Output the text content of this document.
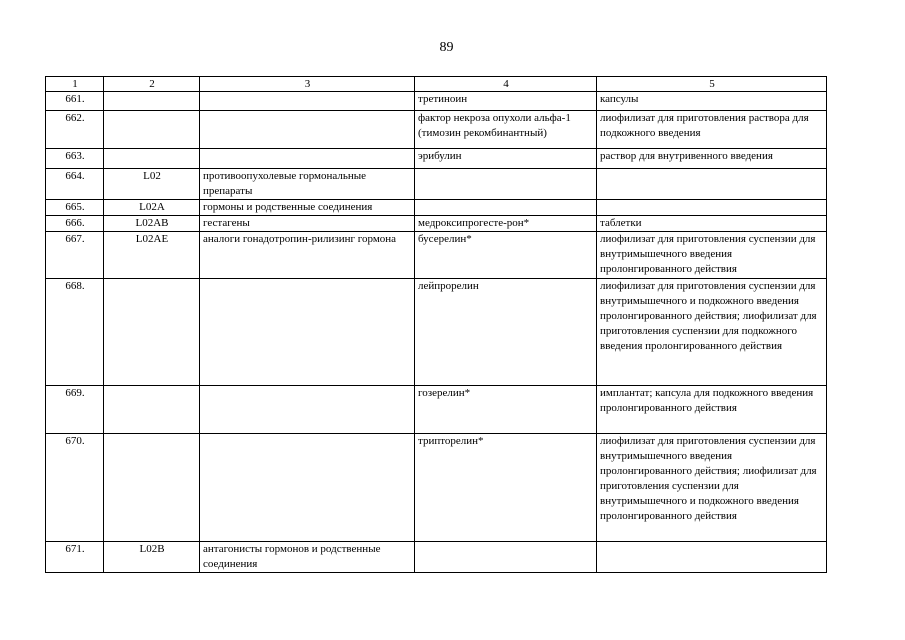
89
1	2	3	4	5
661.			третиноин	капсулы
662.			фактор некроза опухоли альфа-1 (тимозин рекомбинантный)	лиофилизат для приготовления раствора для подкожного введения
663.			эрибулин	раствор для внутривенного введения
664.	L02	противоопухолевые гормональные препараты		
665.	L02A	гормоны и родственные соединения		
666.	L02AB	гестагены	медроксипрогесте-рон*	таблетки
667.	L02AE	аналоги гонадотропин-рилизинг гормона	бусерелин*	лиофилизат для приготовления суспензии для внутримышечного введения пролонгированного действия
668.			лейпрорелин	лиофилизат для приготовления суспензии для внутримышечного и подкожного введения пролонгированного действия; лиофилизат для приготовления суспензии для подкожного введения пролонгированного действия
669.			гозерелин*	имплантат; капсула для подкожного введения пролонгированного действия
670.			трипторелин*	лиофилизат для приготовления суспензии для внутримышечного введения пролонгированного действия; лиофилизат для приготовления суспензии для внутримышечного и подкожного введения пролонгированного действия
671.	L02B	антагонисты гормонов и родственные соединения		
